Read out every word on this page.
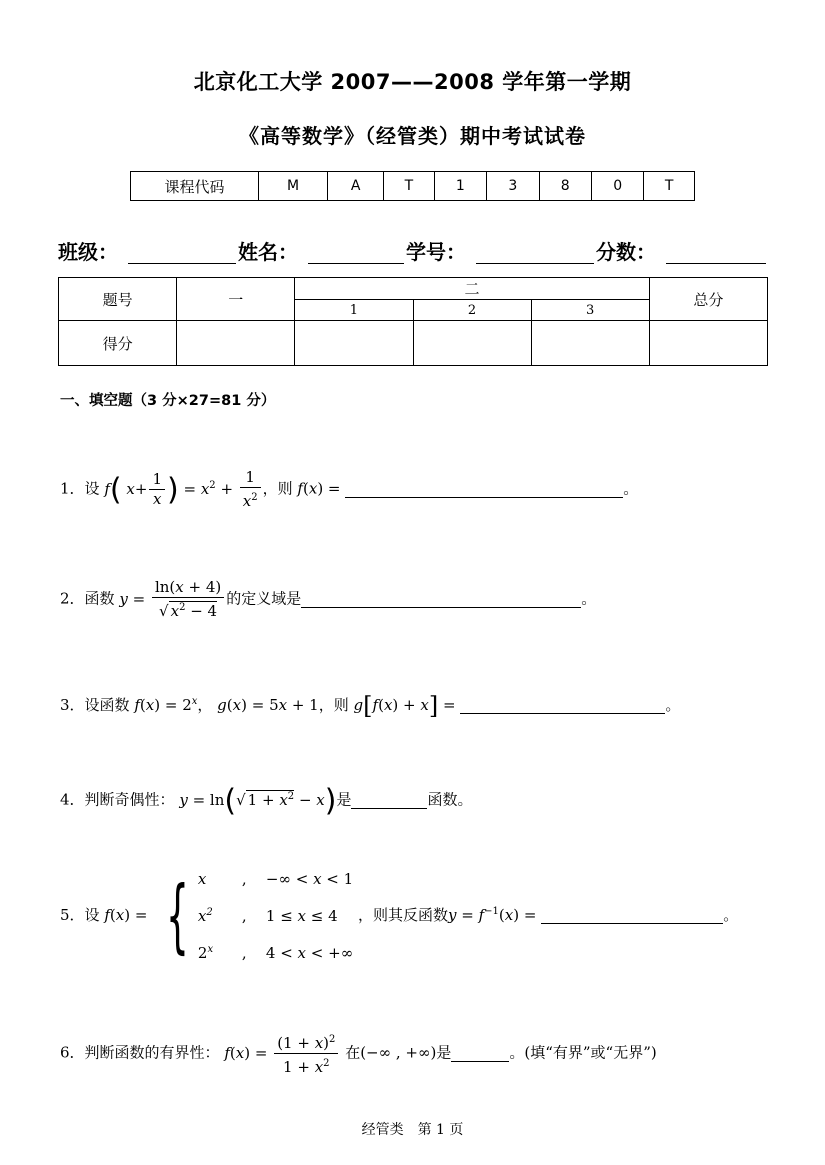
北京化工大学 2007——2008 学年第一学期
《高等数学》（经管类）期中考试试卷
课程代码	M	A	T	1	3	8	0	T
班级：	姓名：	学号：	分数：
题号	一	二			总分
		1	2	3	
得分					
一、填空题（3 分×27=81 分）
1．设 f( $x+ \frac{1}{x}$ ) = $x^2 + \frac{1}{x^2}$ ，则 f(x) =	。
2．函数 $y = \frac{\ln(x + 4)}{√ x^2 - 4}$ 的定义域是	。
3．设函数 $f(x) = 2^x$， g(x) = 5x + 1，则 g[f(x) + x] =	。
4．判断奇偶性： y = ln(√ $1 + x^2 - x$)是	函数。
5．设 f(x) = { x , −∞ < x < 1
$x^2$ , 1 ≤ x ≤ 4
2$^x$ , 4 < x < +∞
，则其反函数$y = f^{-1}(x)$ =	。
6．判断函数的有界性： $f(x) = \frac{(1 + x)^2}{1 + x^2}$ 在(−∞ , +∞)是	。(填“有界”或“无界”)
经管类　第 1 页
